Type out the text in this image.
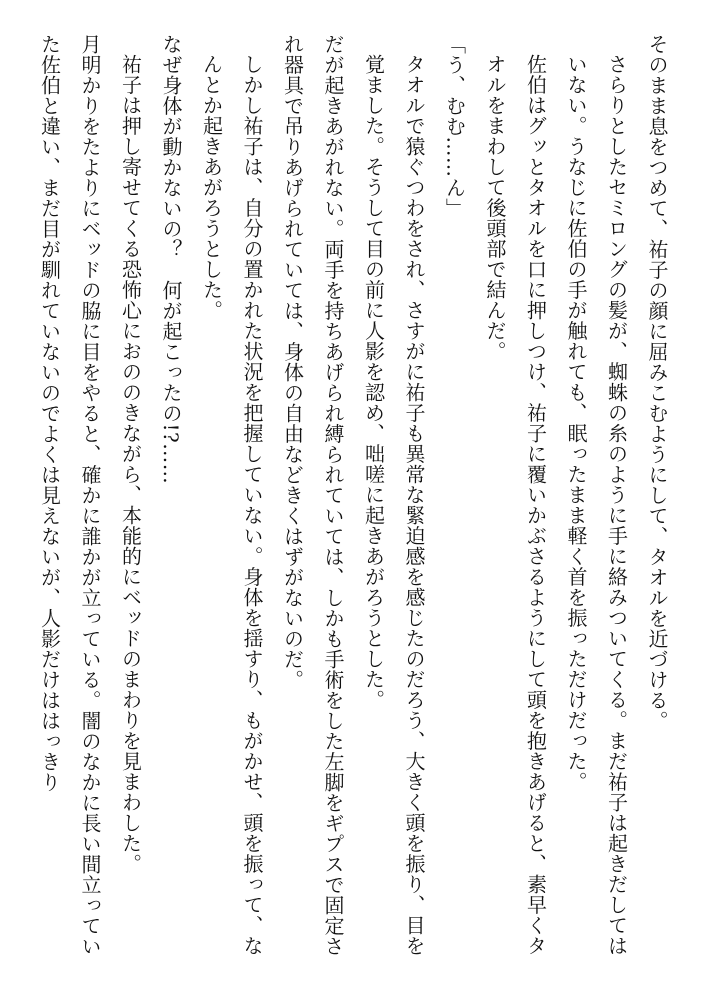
そのまま息をつめて、祐子の顔に屈みこむようにして、タオルを近づける。

さらりとしたセミロングの髪が、蜘蛛の糸のように手に絡みついてくる。まだ祐子は起きだしてはいない。うなじに佐伯の手が触れても、眠ったまま軽く首を振っただけだった。

佐伯はグッとタオルを口に押しつけ、祐子に覆いかぶさるようにして頭を抱きあげると、素早くタオルをまわして後頭部で結んだ。

「う、むむ……ん」

タオルで猿ぐつわをされ、さすがに祐子も異常な緊迫感を感じたのだろう、大きく頭を振り、目を覚ました。そうして目の前に人影を認め、咄嗟に起きあがろうとした。

だが起きあがれない。両手を持ちあげられ縛られていては、しかも手術をした左脚をギプスで固定され器具で吊りあげられていては、身体の自由などきくはずがないのだ。

しかし祐子は、自分の置かれた状況を把握していない。身体を揺すり、もがかせ、頭を振って、なんとか起きあがろうとした。

なぜ身体が動かないの？　何が起こったの!?……

祐子は押し寄せてくる恐怖心におののきながら、本能的にベッドのまわりを見まわした。

月明かりをたよりにベッドの脇に目をやると、確かに誰かが立っている。闇のなかに長い間立っていた佐伯と違い、まだ目が馴れていないのでよくは見えないが、人影だけははっきり
